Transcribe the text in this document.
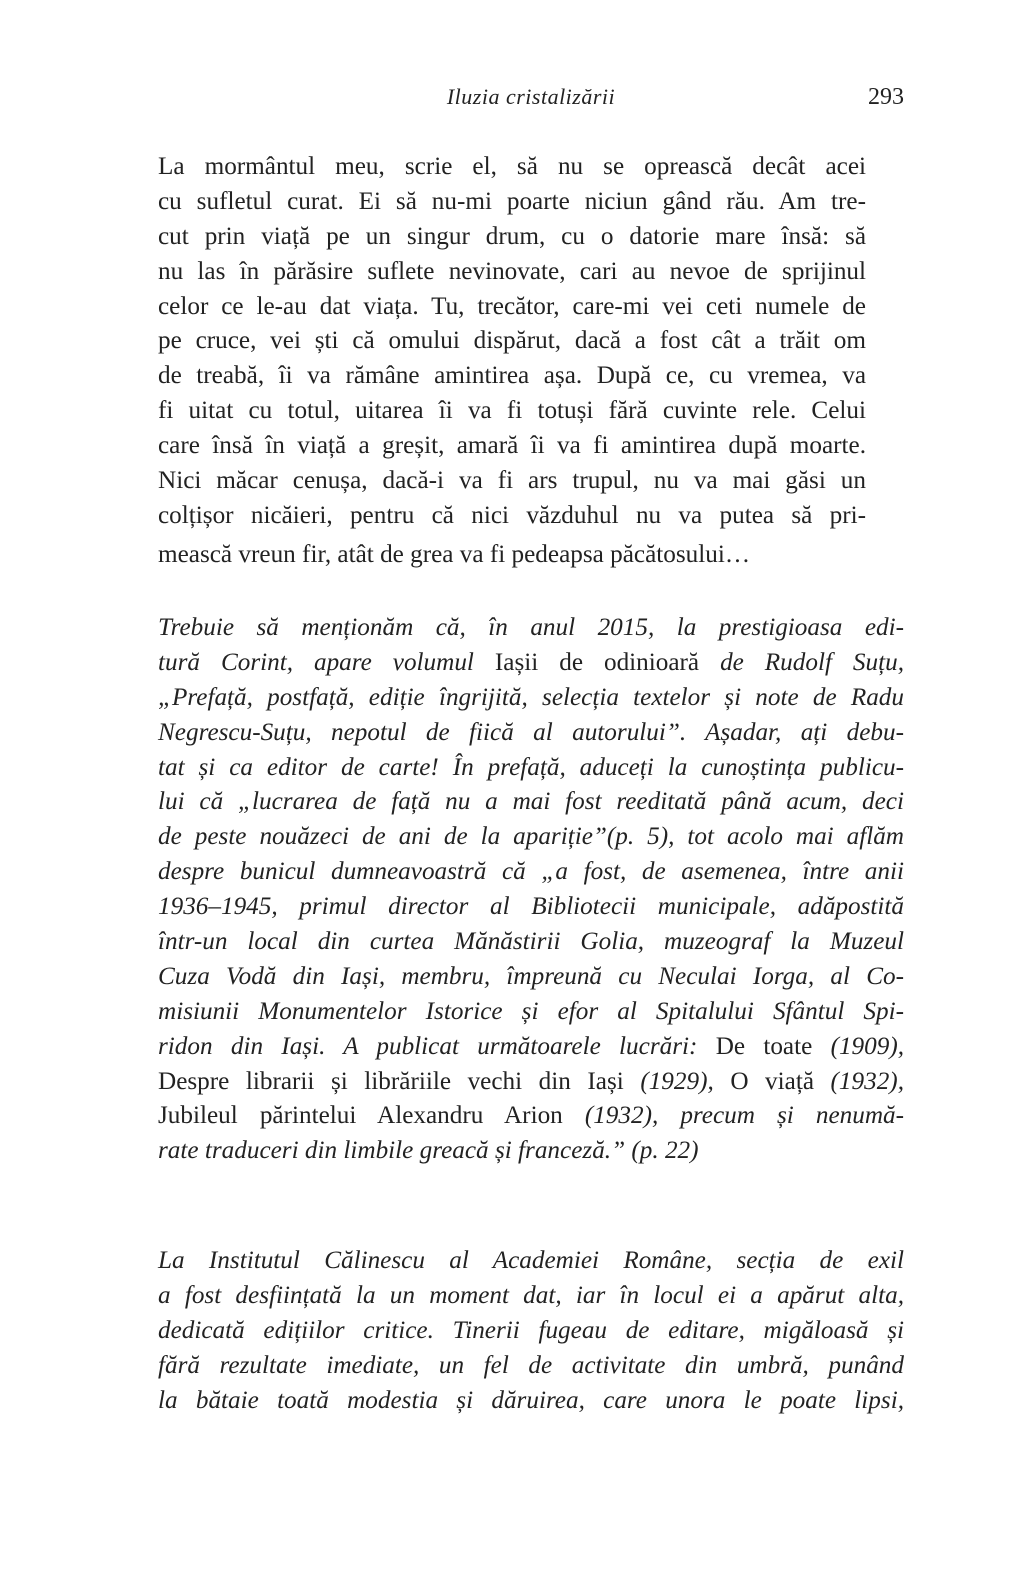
Iluzia cristalizării	293
La mormântul meu, scrie el, să nu se oprească decât acei
cu sufletul curat. Ei să nu-mi poarte niciun gând rău. Am tre-
cut prin viață pe un singur drum, cu o datorie mare însă: să
nu las în părăsire suflete nevinovate, cari au nevoe de sprijinul
celor ce le-au dat viața. Tu, trecător, care-mi vei ceti numele de
pe cruce, vei ști că omului dispărut, dacă a fost cât a trăit om
de treabă, îi va rămâne amintirea așa. După ce, cu vremea, va
fi uitat cu totul, uitarea îi va fi totuși fără cuvinte rele. Celui
care însă în viață a greșit, amară îi va fi amintirea după moarte.
Nici măcar cenușa, dacă-i va fi ars trupul, nu va mai găsi un
colțișor nicăieri, pentru că nici văzduhul nu va putea să pri-
mească vreun fir, atât de grea va fi pedeapsa păcătosului…
Trebuie să menționăm că, în anul 2015, la prestigioasa edi-
tură Corint, apare volumul Iașii de odinioară de Rudolf Suțu,
„Prefață, postfață, ediție îngrijită, selecția textelor și note de Radu
Negrescu-Suțu, nepotul de fiică al autorului”. Așadar, ați debu-
tat și ca editor de carte! În prefață, aduceți la cunoștința publicu-
lui că „lucrarea de față nu a mai fost reeditată până acum, deci
de peste nouăzeci de ani de la apariție”(p. 5), tot acolo mai aflăm
despre bunicul dumneavoastră că „a fost, de asemenea, între anii
1936–1945, primul director al Bibliotecii municipale, adăpostită
într-un local din curtea Mănăstirii Golia, muzeograf la Muzeul
Cuza Vodă din Iași, membru, împreună cu Neculai Iorga, al Co-
misiunii Monumentelor Istorice și efor al Spitalului Sfântul Spi-
ridon din Iași. A publicat următoarele lucrări: De toate (1909),
Despre librarii și librăriile vechi din Iași (1929), O viață (1932),
Jubileul părintelui Alexandru Arion (1932), precum și nenumă-
rate traduceri din limbile greacă și franceză.” (p. 22)
La Institutul Călinescu al Academiei Române, secția de exil
a fost desființată la un moment dat, iar în locul ei a apărut alta,
dedicată edițiilor critice. Tinerii fugeau de editare, migăloasă și
fără rezultate imediate, un fel de activitate din umbră, punând
la bătaie toată modestia și dăruirea, care unora le poate lipsi,
